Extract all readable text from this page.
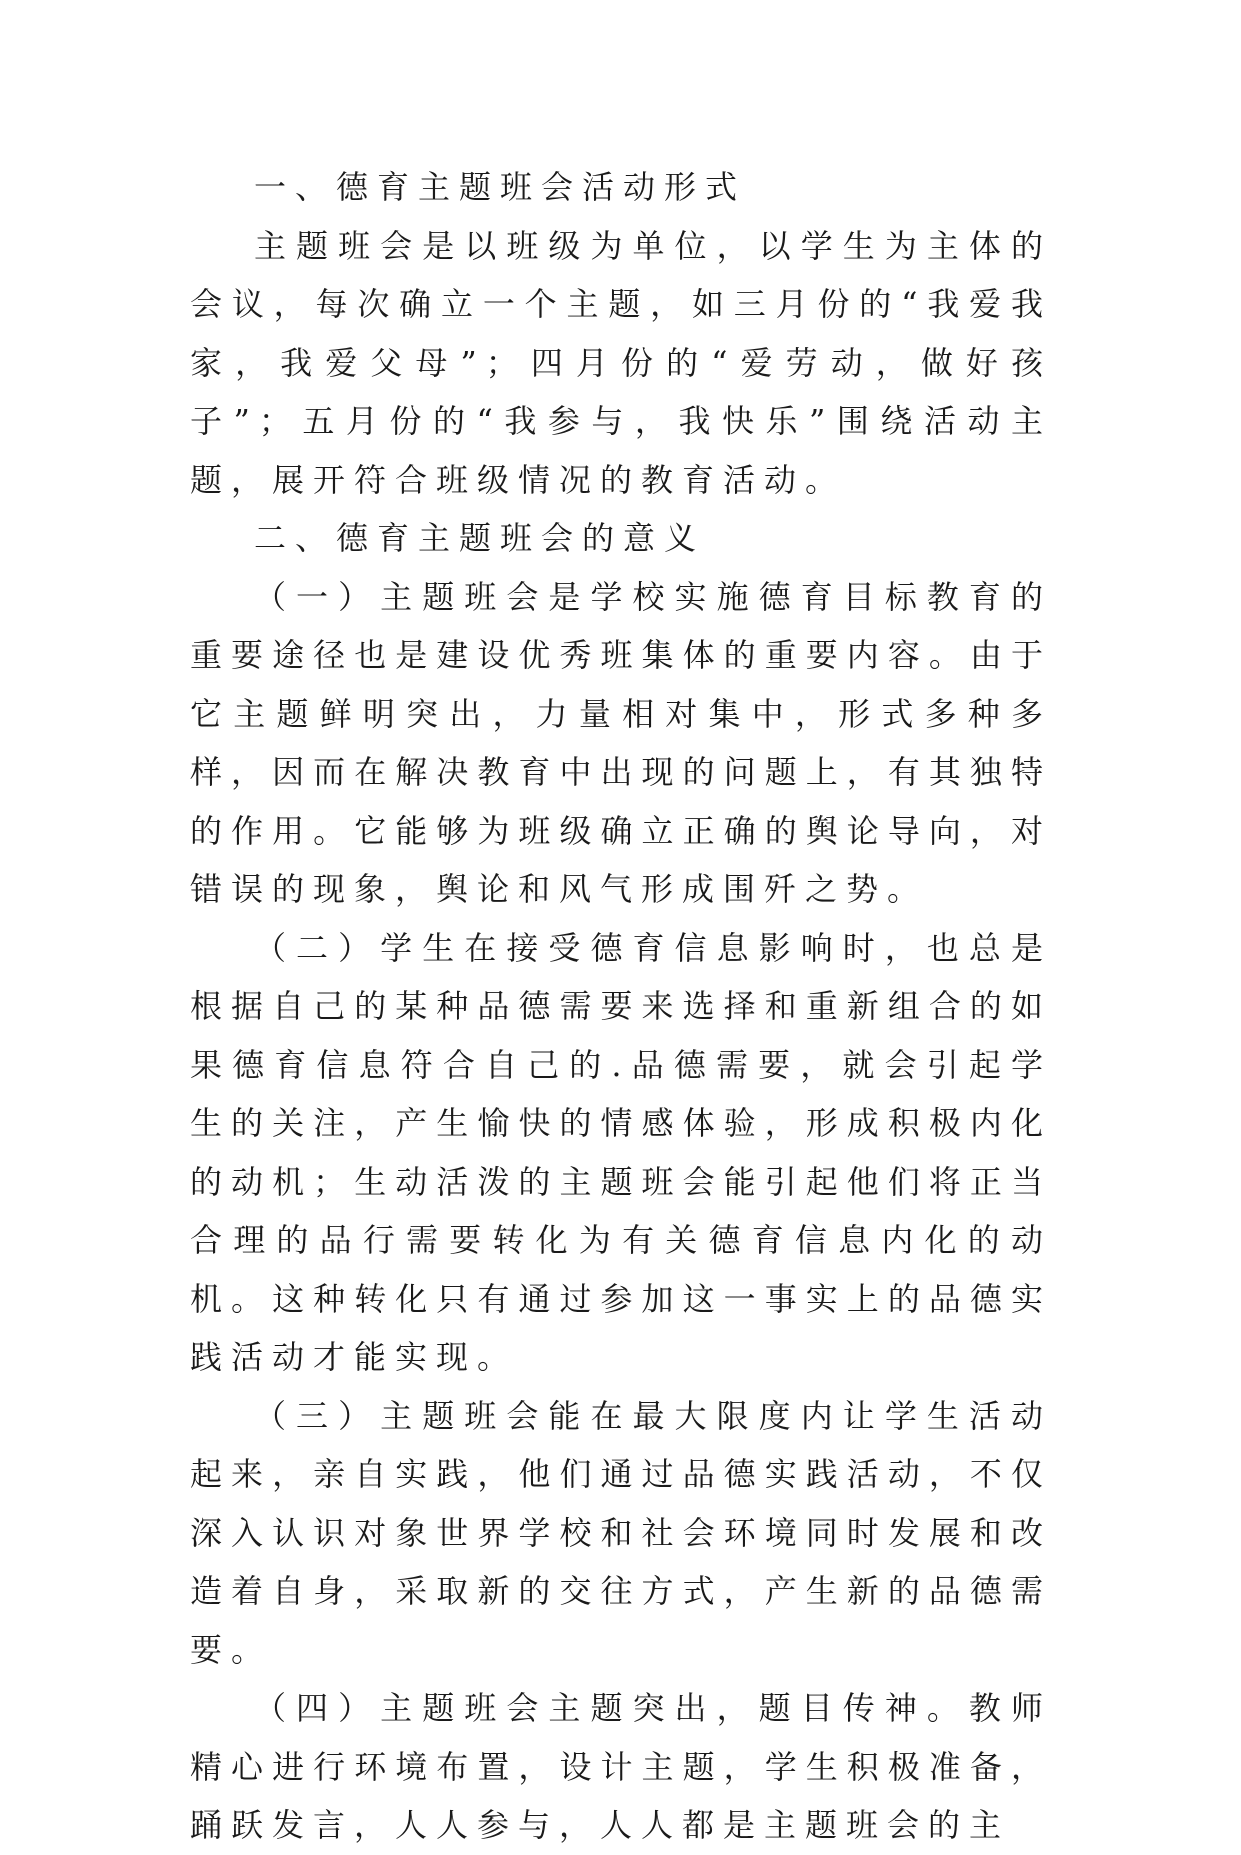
一、德育主题班会活动形式

主题班会是以班级为单位，以学生为主体的会议，每次确立一个主题，如三月份的“我爱我家，我爱父母”；四月份的“爱劳动，做好孩子”；五月份的“我参与，我快乐”围绕活动主题，展开符合班级情况的教育活动。

二、德育主题班会的意义

（一）主题班会是学校实施德育目标教育的重要途径也是建设优秀班集体的重要内容。由于它主题鲜明突出，力量相对集中，形式多种多样，因而在解决教育中出现的问题上，有其独特的作用。它能够为班级确立正确的舆论导向，对错误的现象，舆论和风气形成围歼之势。

（二）学生在接受德育信息影响时，也总是根据自己的某种品德需要来选择和重新组合的如果德育信息符合自己的.品德需要，就会引起学生的关注，产生愉快的情感体验，形成积极内化的动机；生动活泼的主题班会能引起他们将正当合理的品行需要转化为有关德育信息内化的动机。这种转化只有通过参加这一事实上的品德实践活动才能实现。

（三）主题班会能在最大限度内让学生活动起来，亲自实践，他们通过品德实践活动，不仅深入认识对象世界学校和社会环境同时发展和改造着自身，采取新的交往方式，产生新的品德需要。

（四）主题班会主题突出，题目传神。教师精心进行环境布置，设计主题，学生积极准备，踊跃发言，人人参与，人人都是主题班会的主
